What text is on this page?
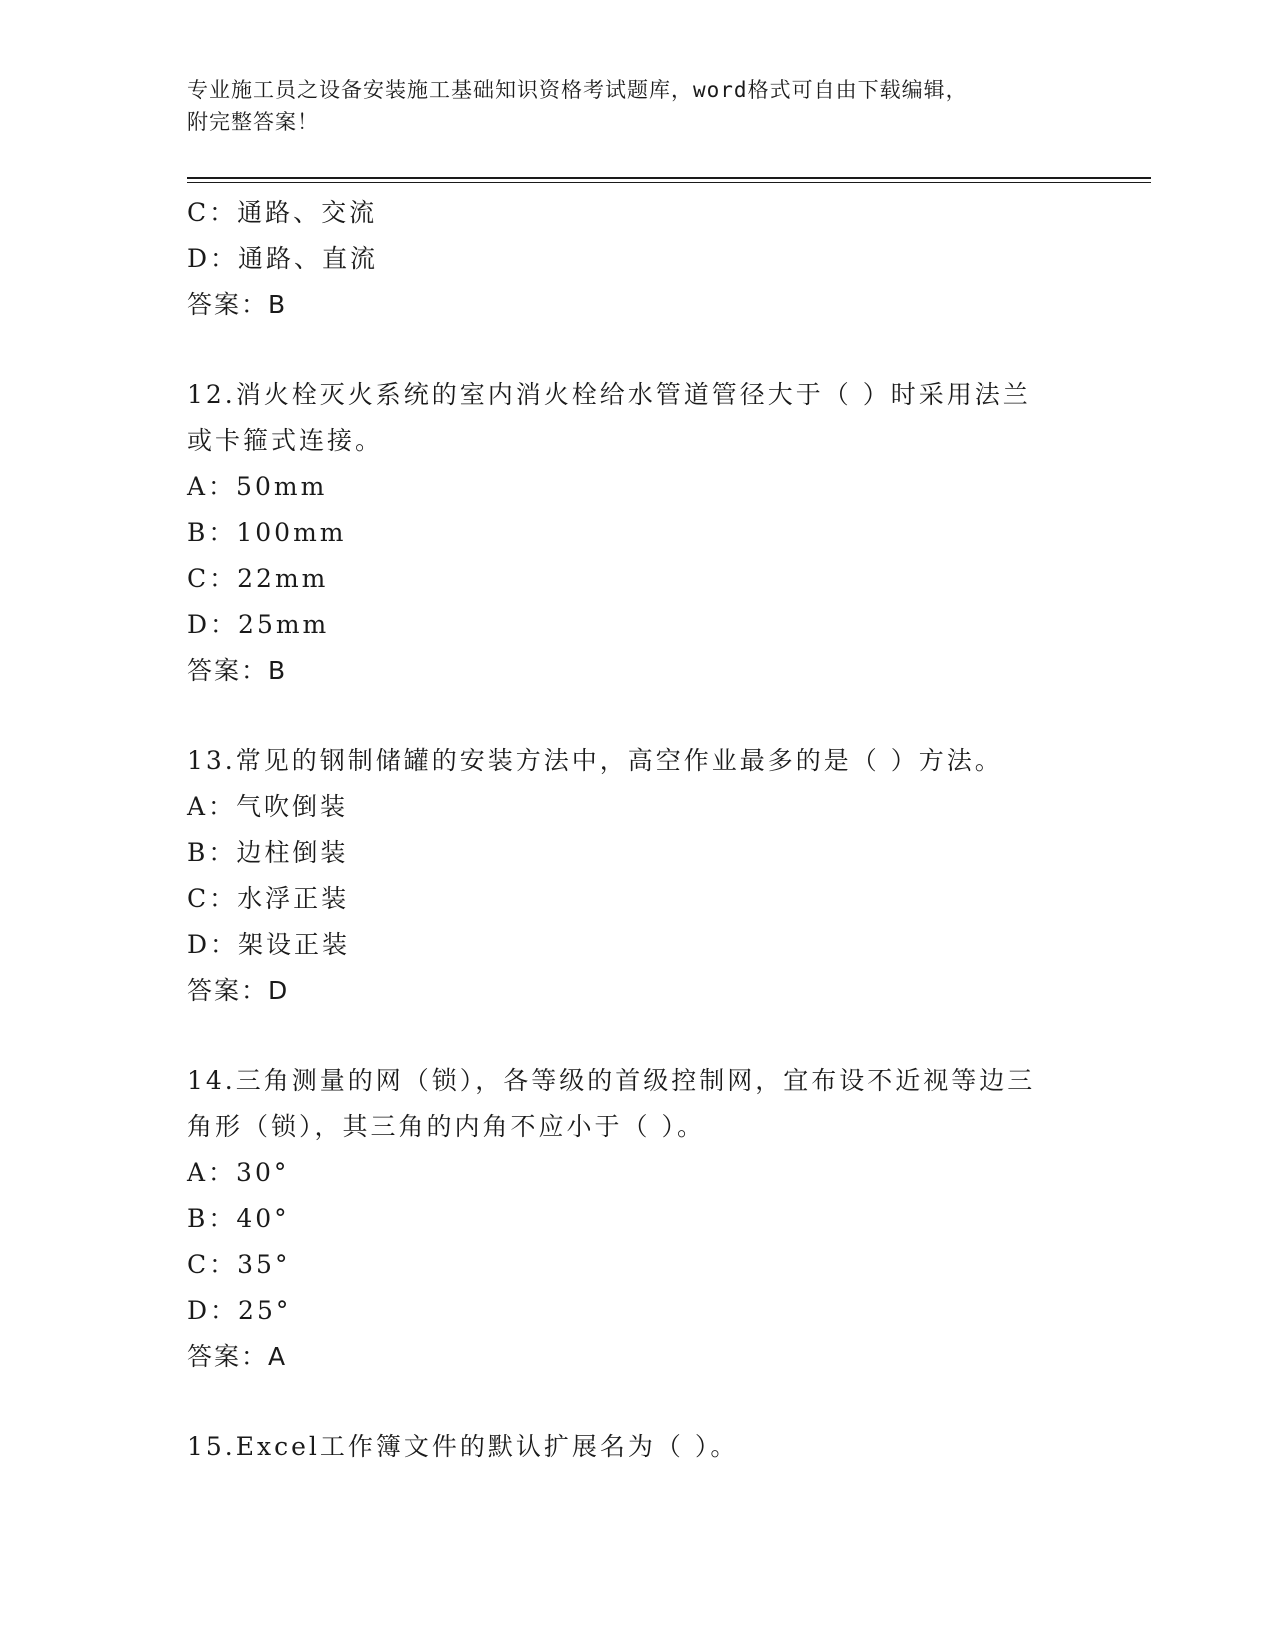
专业施工员之设备安装施工基础知识资格考试题库，word格式可自由下载编辑，
附完整答案！
C：通路、交流
D：通路、直流
答案：B
12.消火栓灭火系统的室内消火栓给水管道管径大于（ ）时采用法兰
或卡箍式连接。
A：50mm
B：100mm
C：22mm
D：25mm
答案：B
13.常见的钢制储罐的安装方法中，高空作业最多的是（ ）方法。
A：气吹倒装
B：边柱倒装
C：水浮正装
D：架设正装
答案：D
14.三角测量的网（锁），各等级的首级控制网，宜布设不近视等边三
角形（锁），其三角的内角不应小于（ ）。
A：30°
B：40°
C：35°
D：25°
答案：A
15.Excel工作簿文件的默认扩展名为（ ）。
